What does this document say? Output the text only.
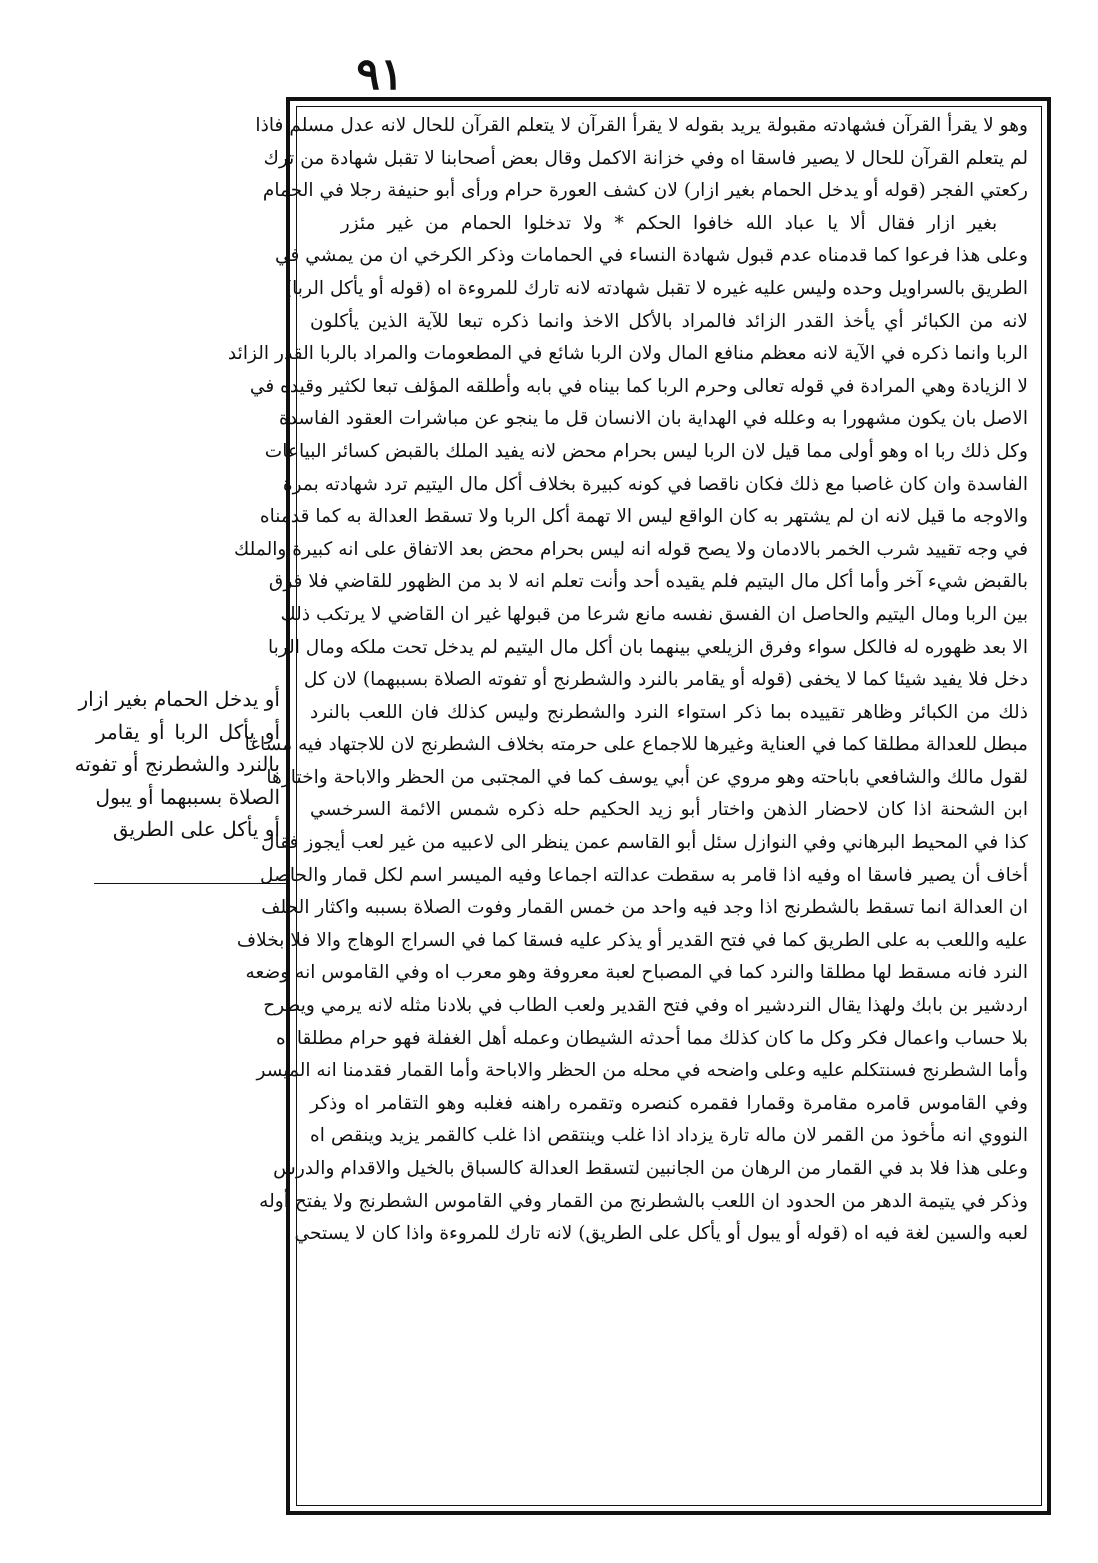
٩١

وهو لا يقرأ القرآن فشهادته مقبولة يريد بقوله لا يقرأ القرآن لا يتعلم القرآن للحال لانه عدل مسلم فاذا

لم يتعلم القرآن للحال لا يصير فاسقا اه وفي خزانة الاكمل وقال بعض أصحابنا لا تقبل شهادة من ترك

ركعتي الفجر (قوله أو يدخل الحمام بغير ازار) لان كشف العورة حرام ورأى أبو حنيفة رجلا في الحمام

بغير ازار فقال ألا يا عباد الله خافوا الحكم * ولا تدخلوا الحمام من غير مئزر

وعلى هذا فرعوا كما قدمناه عدم قبول شهادة النساء في الحمامات وذكر الكرخي ان من يمشي في

الطريق بالسراويل وحده وليس عليه غيره لا تقبل شهادته لانه تارك للمروءة اه (قوله أو يأكل الربا)

لانه من الكبائر أي يأخذ القدر الزائد فالمراد بالأكل الاخذ وانما ذكره تبعا للآية الذين يأكلون

الربا وانما ذكره في الآية لانه معظم منافع المال ولان الربا شائع في المطعومات والمراد بالربا القدر الزائد

لا الزيادة وهي المرادة في قوله تعالى وحرم الربا كما بيناه في بابه وأطلقه المؤلف تبعا لكثير وقيده في

الاصل بان يكون مشهورا به وعلله في الهداية بان الانسان قل ما ينجو عن مباشرات العقود الفاسدة

وكل ذلك ربا اه وهو أولى مما قيل لان الربا ليس بحرام محض لانه يفيد الملك بالقبض كسائر البياعات

الفاسدة وان كان غاصبا مع ذلك فكان ناقصا في كونه كبيرة بخلاف أكل مال اليتيم ترد شهادته بمرة

والاوجه ما قيل لانه ان لم يشتهر به كان الواقع ليس الا تهمة أكل الربا ولا تسقط العدالة به كما قدمناه

في وجه تقييد شرب الخمر بالادمان ولا يصح قوله انه ليس بحرام محض بعد الاتفاق على انه كبيرة والملك

بالقبض شيء آخر وأما أكل مال اليتيم فلم يقيده أحد وأنت تعلم انه لا بد من الظهور للقاضي فلا فرق

بين الربا ومال اليتيم والحاصل ان الفسق نفسه مانع شرعا من قبولها غير ان القاضي لا يرتكب ذلك

الا بعد ظهوره له فالكل سواء وفرق الزيلعي بينهما بان أكل مال اليتيم لم يدخل تحت ملكه ومال الربا

دخل فلا يفيد شيئا كما لا يخفى (قوله أو يقامر بالنرد والشطرنج أو تفوته الصلاة بسببهما) لان كل

ذلك من الكبائر وظاهر تقييده بما ذكر استواء النرد والشطرنج وليس كذلك فان اللعب بالنرد

مبطل للعدالة مطلقا كما في العناية وغيرها للاجماع على حرمته بخلاف الشطرنج لان للاجتهاد فيه مساغا

لقول مالك والشافعي باباحته وهو مروي عن أبي يوسف كما في المجتبى من الحظر والاباحة واختارها

ابن الشحنة اذا كان لاحضار الذهن واختار أبو زيد الحكيم حله ذكره شمس الائمة السرخسي

كذا في المحيط البرهاني وفي النوازل سئل أبو القاسم عمن ينظر الى لاعبيه من غير لعب أيجوز فقال

أخاف أن يصير فاسقا اه وفيه اذا قامر به سقطت عدالته اجماعا وفيه الميسر اسم لكل قمار والحاصل

ان العدالة انما تسقط بالشطرنج اذا وجد فيه واحد من خمس القمار وفوت الصلاة بسببه واكثار الحلف

عليه واللعب به على الطريق كما في فتح القدير أو يذكر عليه فسقا كما في السراج الوهاج والا فلا بخلاف

النرد فانه مسقط لها مطلقا والنرد كما في المصباح لعبة معروفة وهو معرب اه وفي القاموس انه وضعه

اردشير بن بابك ولهذا يقال النردشير اه وفي فتح القدير ولعب الطاب في بلادنا مثله لانه يرمي ويطرح

بلا حساب واعمال فكر وكل ما كان كذلك مما أحدثه الشيطان وعمله أهل الغفلة فهو حرام مطلقا اه

وأما الشطرنج فسنتكلم عليه وعلى واضحه في محله من الحظر والاباحة وأما القمار فقدمنا انه الميسر

وفي القاموس قامره مقامرة وقمارا فقمره كنصره وتقمره راهنه فغلبه وهو التقامر اه وذكر

النووي انه مأخوذ من القمر لان ماله تارة يزداد اذا غلب وينتقص اذا غلب كالقمر يزيد وينقص اه

وعلى هذا فلا بد في القمار من الرهان من الجانبين لتسقط العدالة كالسباق بالخيل والاقدام والدرس

وذكر في يتيمة الدهر من الحدود ان اللعب بالشطرنج من القمار وفي القاموس الشطرنج ولا يفتح أوله

لعبه والسين لغة فيه اه (قوله أو يبول أو يأكل على الطريق) لانه تارك للمروءة واذا كان لا يستحي

أو يدخل الحمام بغير ازار

أو يأكل الربا أو يقامر

بالنرد والشطرنج أو تفوته

الصلاة بسببهما أو يبول

أو يأكل على الطريق
